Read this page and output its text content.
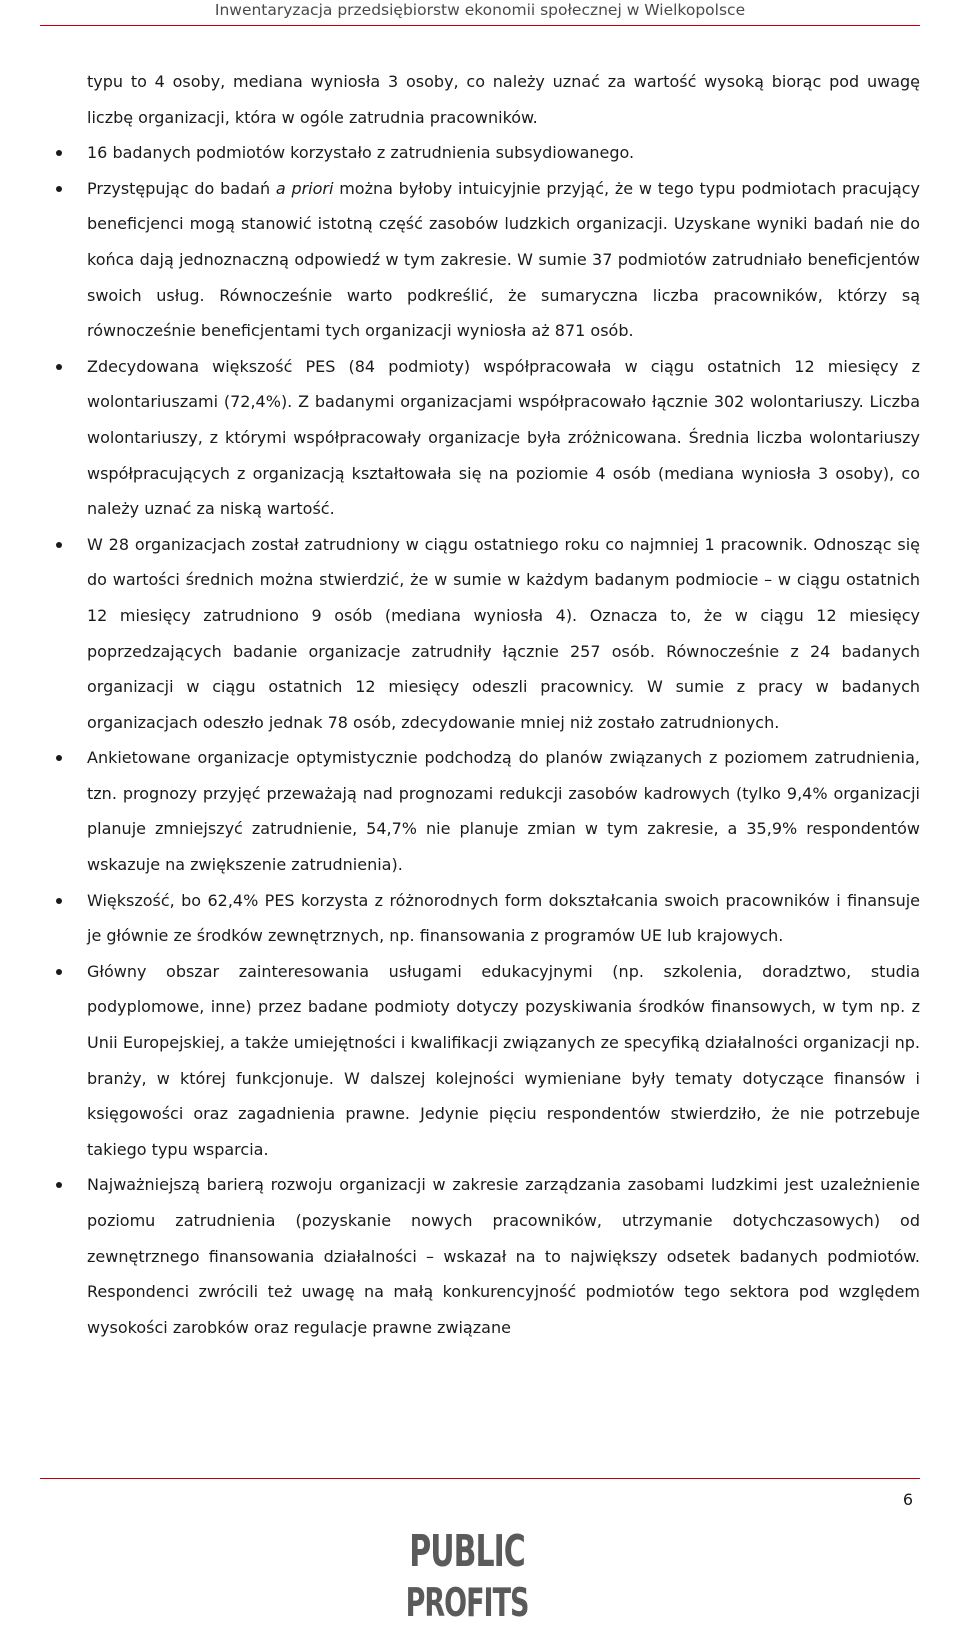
Inwentaryzacja przedsiębiorstw ekonomii społecznej w Wielkopolsce
typu to 4 osoby, mediana wyniosła 3 osoby, co należy uznać za wartość wysoką biorąc pod uwagę liczbę organizacji, która w ogóle zatrudnia pracowników.
16 badanych podmiotów korzystało z zatrudnienia subsydiowanego.
Przystępując do badań a priori można byłoby intuicyjnie przyjąć, że w tego typu podmiotach pracujący beneficjenci mogą stanowić istotną część zasobów ludzkich organizacji. Uzyskane wyniki badań nie do końca dają jednoznaczną odpowiedź w tym zakresie. W sumie 37 podmiotów zatrudniało beneficjentów swoich usług. Równocześnie warto podkreślić, że sumaryczna liczba pracowników, którzy są równocześnie beneficjentami tych organizacji wyniosła aż 871 osób.
Zdecydowana większość PES (84 podmioty) współpracowała w ciągu ostatnich 12 miesięcy z wolontariuszami (72,4%). Z badanymi organizacjami współpracowało łącznie 302 wolontariuszy. Liczba wolontariuszy, z którymi współpracowały organizacje była zróżnicowana. Średnia liczba wolontariuszy współpracujących z organizacją kształtowała się na poziomie 4 osób (mediana wyniosła 3 osoby), co należy uznać za niską wartość.
W 28 organizacjach został zatrudniony w ciągu ostatniego roku co najmniej 1 pracownik. Odnosząc się do wartości średnich można stwierdzić, że w sumie w każdym badanym podmiocie – w ciągu ostatnich 12 miesięcy zatrudniono 9 osób (mediana wyniosła 4). Oznacza to, że w ciągu 12 miesięcy poprzedzających badanie organizacje zatrudniły łącznie 257 osób. Równocześnie z 24 badanych organizacji w ciągu ostatnich 12 miesięcy odeszli pracownicy. W sumie z pracy w badanych organizacjach odeszło jednak 78 osób, zdecydowanie mniej niż zostało zatrudnionych.
Ankietowane organizacje optymistycznie podchodzą do planów związanych z poziomem zatrudnienia, tzn. prognozy przyjęć przeważają nad prognozami redukcji zasobów kadrowych (tylko 9,4% organizacji planuje zmniejszyć zatrudnienie, 54,7% nie planuje zmian w tym zakresie, a 35,9% respondentów wskazuje na zwiększenie zatrudnienia).
Większość, bo 62,4% PES korzysta z różnorodnych form dokształcania swoich pracowników i finansuje je głównie ze środków zewnętrznych, np. finansowania z programów UE lub krajowych.
Główny obszar zainteresowania usługami edukacyjnymi (np. szkolenia, doradztwo, studia podyplomowe, inne) przez badane podmioty dotyczy pozyskiwania środków finansowych, w tym np. z Unii Europejskiej, a także umiejętności i kwalifikacji związanych ze specyfiką działalności organizacji np. branży, w której funkcjonuje. W dalszej kolejności wymieniane były tematy dotyczące finansów i księgowości oraz zagadnienia prawne. Jedynie pięciu respondentów stwierdziło, że nie potrzebuje takiego typu wsparcia.
Najważniejszą barierą rozwoju organizacji w zakresie zarządzania zasobami ludzkimi jest uzależnienie poziomu zatrudnienia (pozyskanie nowych pracowników, utrzymanie dotychczasowych) od zewnętrznego finansowania działalności – wskazał na to największy odsetek badanych podmiotów. Respondenci zwrócili też uwagę na małą konkurencyjność podmiotów tego sektora pod względem wysokości zarobków oraz regulacje prawne związane
6
PUBLIC
PROFITS
